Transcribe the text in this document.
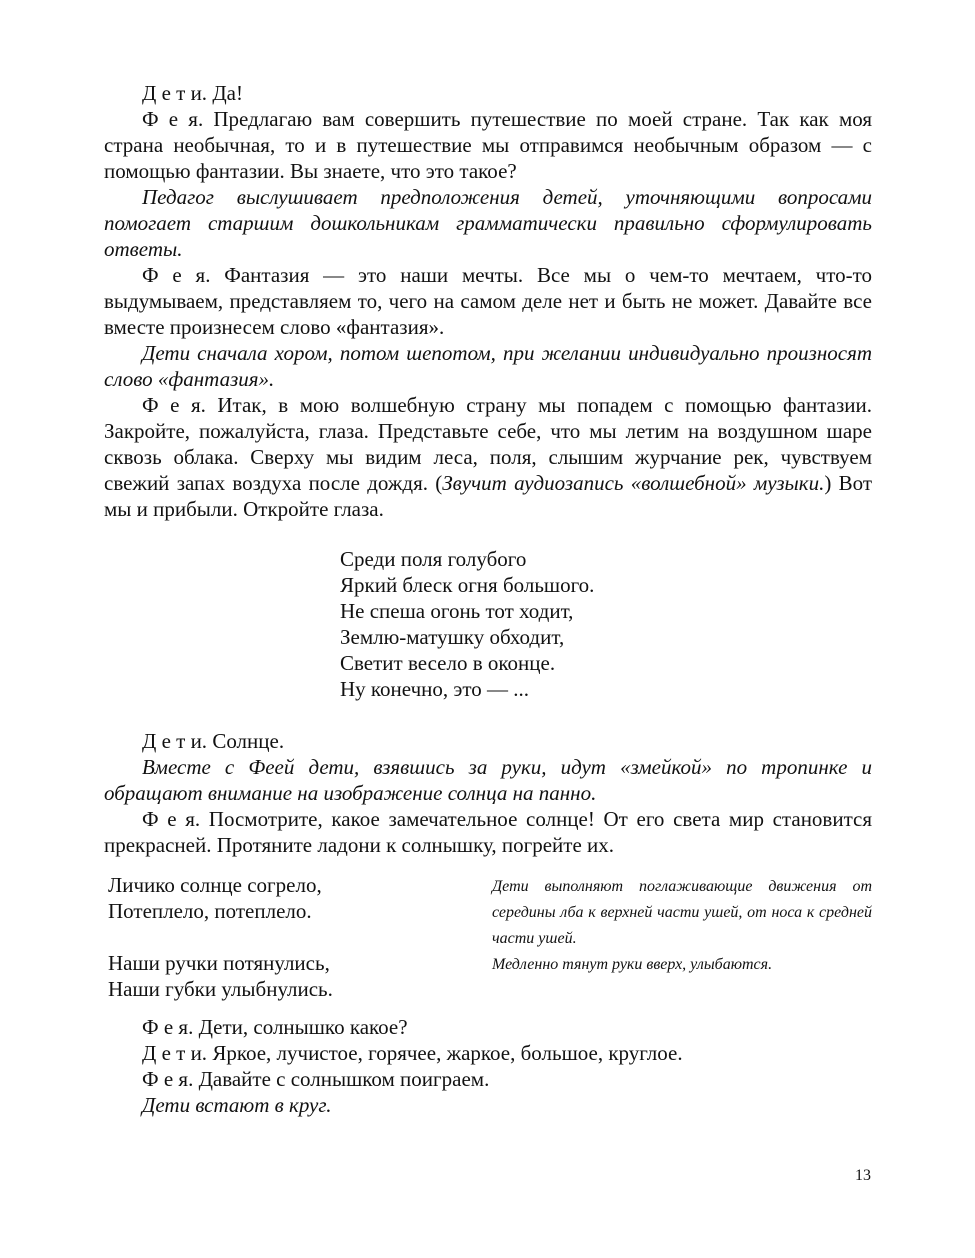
Д е т и. Да!

Ф е я. Предлагаю вам совершить путешествие по моей стране. Так как моя страна необычная, то и в путешествие мы отправимся необычным образом — с помощью фантазии. Вы знаете, что это такое?

Педагог выслушивает предположения детей, уточняющими вопросами помогает старшим дошкольникам грамматически правильно сформулировать ответы.

Ф е я. Фантазия — это наши мечты. Все мы о чем-то мечтаем, что-то выдумываем, представляем то, чего на самом деле нет и быть не может. Давайте все вместе произнесем слово «фантазия».

Дети сначала хором, потом шепотом, при желании индивидуально произносят слово «фантазия».

Ф е я. Итак, в мою волшебную страну мы попадем с помощью фантазии. Закройте, пожалуйста, глаза. Представьте себе, что мы летим на воздушном шаре сквозь облака. Сверху мы видим леса, поля, слышим журчание рек, чувствуем свежий запах воздуха после дождя. (Звучит аудиозапись «волшебной» музыки.) Вот мы и прибыли. Откройте глаза.

Среди поля голубого
Яркий блеск огня большого.
Не спеша огонь тот ходит,
Землю-матушку обходит,
Светит весело в оконце.
Ну конечно, это — ...

Д е т и. Солнце.

Вместе с Феей дети, взявшись за руки, идут «змейкой» по тропинке и обращают внимание на изображение солнца на панно.

Ф е я. Посмотрите, какое замечательное солнце! От его света мир становится прекрасней. Протяните ладони к солнышку, погрейте их.

Личико солнце согрело,
Потеплело, потеплело.
Наши ручки потянулись,
Наши губки улыбнулись.
Дети выполняют поглаживающие движения от середины лба к верхней части ушей, от носа к средней части ушей.
Медленно тянут руки вверх, улыбаются.

Ф е я. Дети, солнышко какое?

Д е т и. Яркое, лучистое, горячее, жаркое, большое, круглое.

Ф е я. Давайте с солнышком поиграем.

Дети встают в круг.

13
